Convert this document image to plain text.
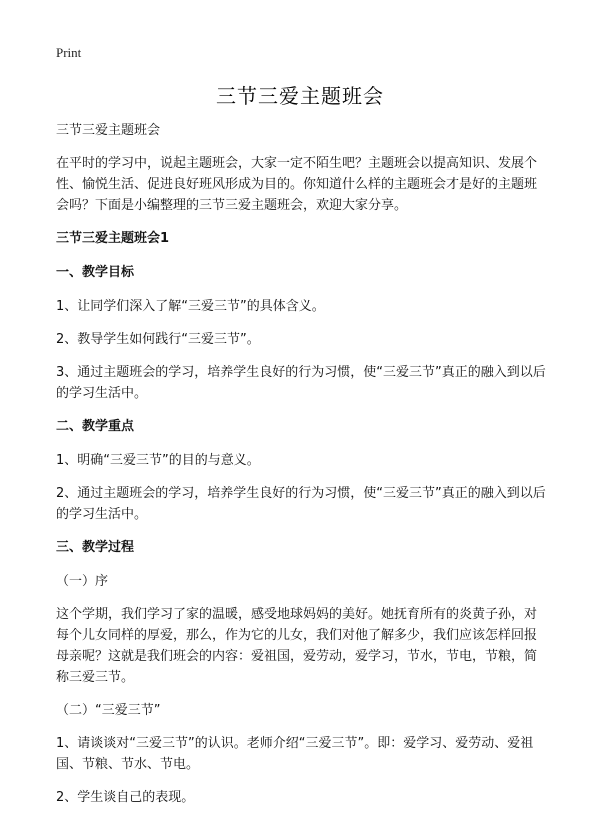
Print
三节三爱主题班会

三节三爱主题班会

在平时的学习中，说起主题班会，大家一定不陌生吧？主题班会以提高知识、发展个性、愉悦生活、促进良好班风形成为目的。你知道什么样的主题班会才是好的主题班会吗？下面是小编整理的三节三爱主题班会，欢迎大家分享。

三节三爱主题班会1

一、教学目标

1、让同学们深入了解“三爱三节”的具体含义。

2、教导学生如何践行“三爱三节”。

3、通过主题班会的学习，培养学生良好的行为习惯，使“三爱三节”真正的融入到以后的学习生活中。

二、教学重点

1、明确“三爱三节”的目的与意义。

2、通过主题班会的学习，培养学生良好的行为习惯，使“三爱三节”真正的融入到以后的学习生活中。

三、教学过程

（一）序

这个学期，我们学习了家的温暖，感受地球妈妈的美好。她抚育所有的炎黄子孙，对每个儿女同样的厚爱，那么，作为它的儿女，我们对他了解多少，我们应该怎样回报母亲呢？这就是我们班会的内容：爱祖国，爱劳动，爱学习，节水，节电，节粮，简称三爱三节。

（二）“三爱三节”

1、请谈谈对“三爱三节”的认识。老师介绍“三爱三节”。即：爱学习、爱劳动、爱祖国、节粮、节水、节电。

2、学生谈自己的表现。
